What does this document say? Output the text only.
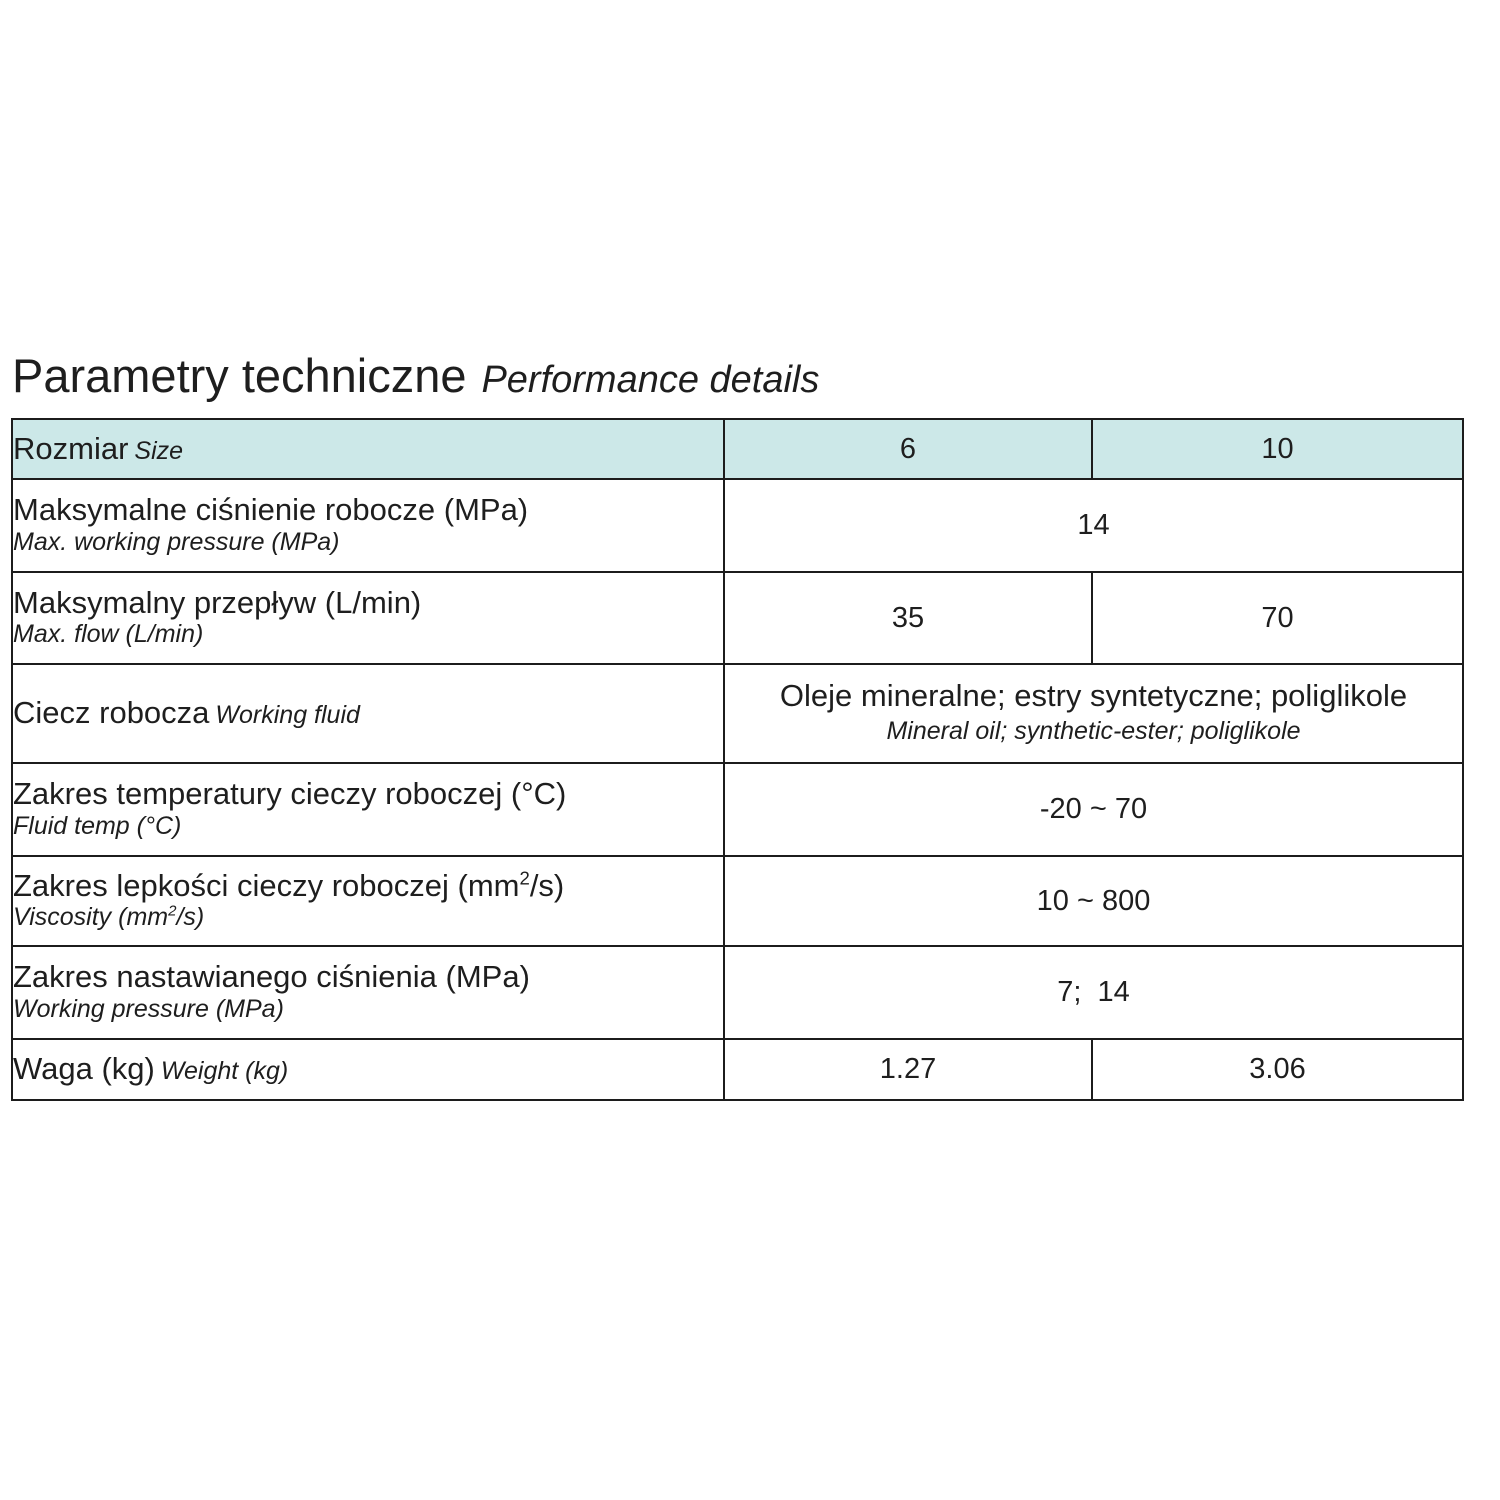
Parametry techniczne Performance details
Rozmiar Size	6	10

Maksymalne ciśnienie robocze (MPa)
Max. working pressure (MPa)	14	

Maksymalny przepływ (L/min)
Max. flow (L/min)	35	70
Ciecz robocza Working fluid	Oleje mineralne; estry syntetyczne; poliglikole
Mineral oil; synthetic-ester; poliglikole	

Zakres temperatury cieczy roboczej (°C)
Fluid temp (°C)	-20 ~ 70	

Zakres lepkości cieczy roboczej $(mm^2/s)$
Viscosity $(mm^2/s)$	10 ~ 800	

Zakres nastawianego ciśnienia (MPa)
Working pressure (MPa)	7;  14	
Waga (kg) Weight (kg)	1.27	3.06
